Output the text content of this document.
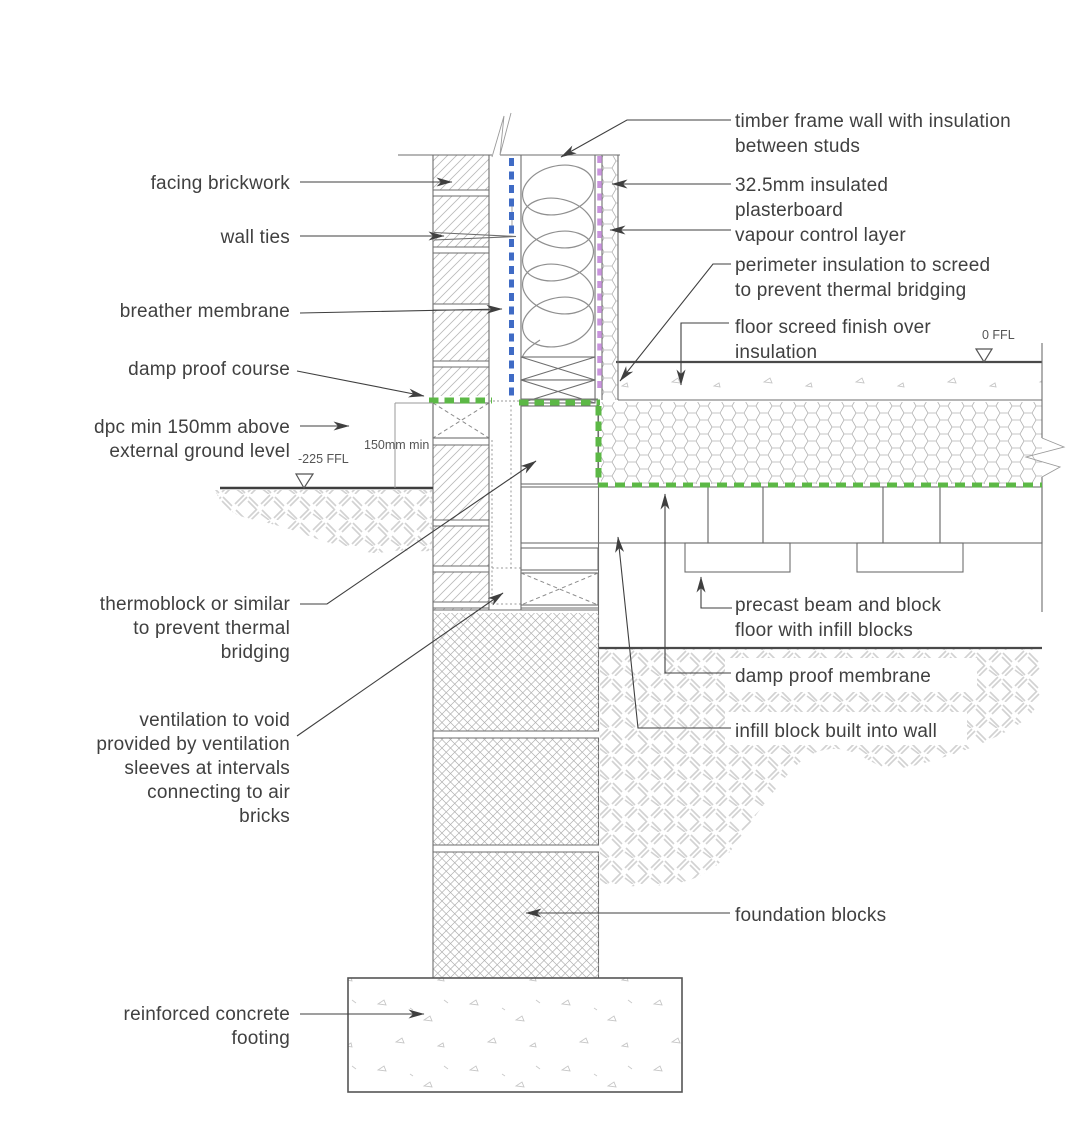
facing brickwork
wall ties
breather membrane
damp proof course
dpc min 150mm above
external ground level
thermoblock or similar
to prevent thermal
bridging
ventilation to void
provided by ventilation
sleeves at intervals
connecting to air
bricks
reinforced concrete
footing
timber frame wall with insulation
between studs
32.5mm insulated
plasterboard
vapour control layer
perimeter insulation to screed
to prevent thermal bridging
floor screed finish over
insulation
precast beam and block
floor with infill blocks
damp proof membrane
infill block built into wall
foundation blocks
0 FFL
-225 FFL
150mm min
